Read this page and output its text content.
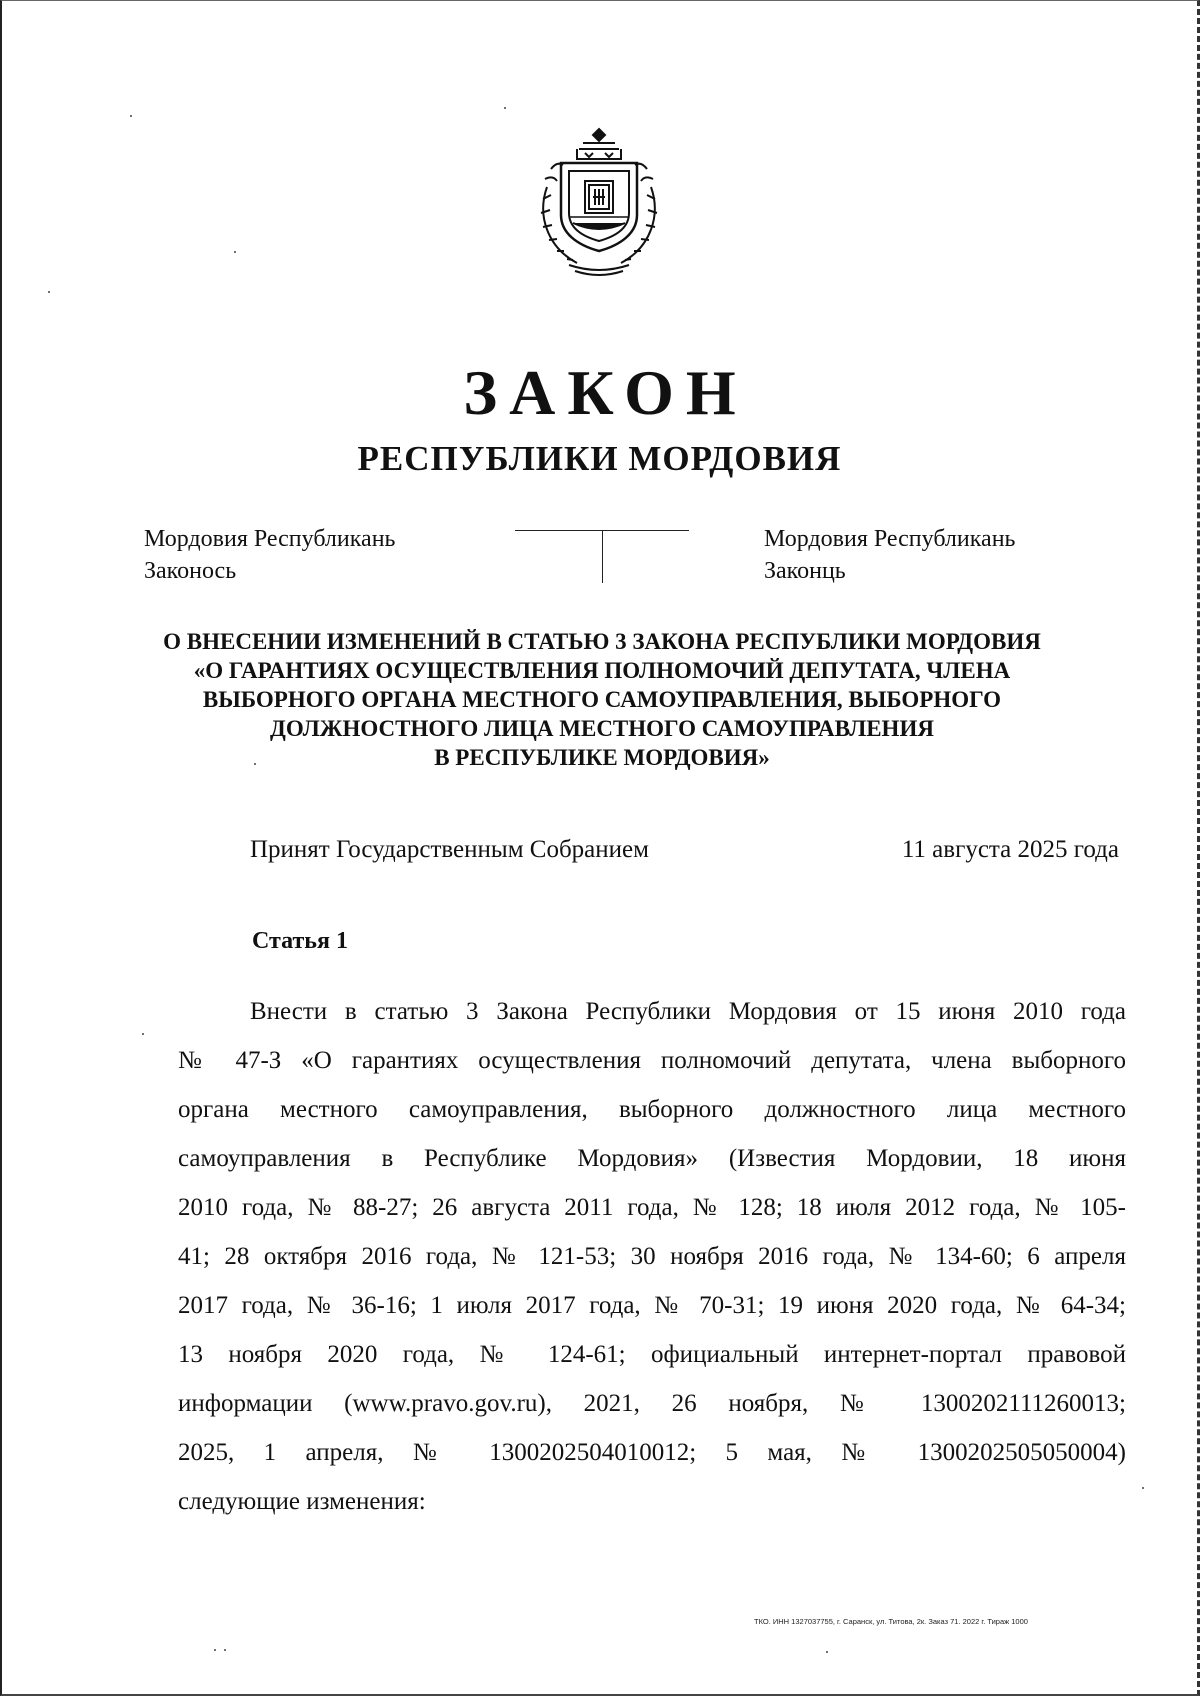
ЗАКОН
РЕСПУБЛИКИ МОРДОВИЯ
Мордовия Республикань
Законось
Мордовия Республикань
Законць
О ВНЕСЕНИИ ИЗМЕНЕНИЙ В СТАТЬЮ 3 ЗАКОНА РЕСПУБЛИКИ МОРДОВИЯ
«О ГАРАНТИЯХ ОСУЩЕСТВЛЕНИЯ ПОЛНОМОЧИЙ ДЕПУТАТА, ЧЛЕНА
ВЫБОРНОГО ОРГАНА МЕСТНОГО САМОУПРАВЛЕНИЯ, ВЫБОРНОГО
ДОЛЖНОСТНОГО ЛИЦА МЕСТНОГО САМОУПРАВЛЕНИЯ
В РЕСПУБЛИКЕ МОРДОВИЯ»
Принят Государственным Собранием	11 августа 2025 года
Статья 1
Внести в статью 3 Закона Республики Мордовия от 15 июня 2010 года
№ 47-З «О гарантиях осуществления полномочий депутата, члена выборного
органа местного самоуправления, выборного должностного лица местного
самоуправления в Республике Мордовия» (Известия Мордовии, 18 июня
2010 года, № 88-27; 26 августа 2011 года, № 128; 18 июля 2012 года, № 105-
41; 28 октября 2016 года, № 121-53; 30 ноября 2016 года, № 134-60; 6 апреля
2017 года, № 36-16; 1 июля 2017 года, № 70-31; 19 июня 2020 года, № 64-34;
13 ноября 2020 года, № 124-61; официальный интернет-портал правовой
информации (www.pravo.gov.ru), 2021, 26 ноября, № 1300202111260013;
2025, 1 апреля, № 1300202504010012; 5 мая, № 1300202505050004)
следующие изменения:
ТКО. ИНН 1327037755, г. Саранск, ул. Титова, 2к. Заказ 71. 2022 г. Тираж 1000
